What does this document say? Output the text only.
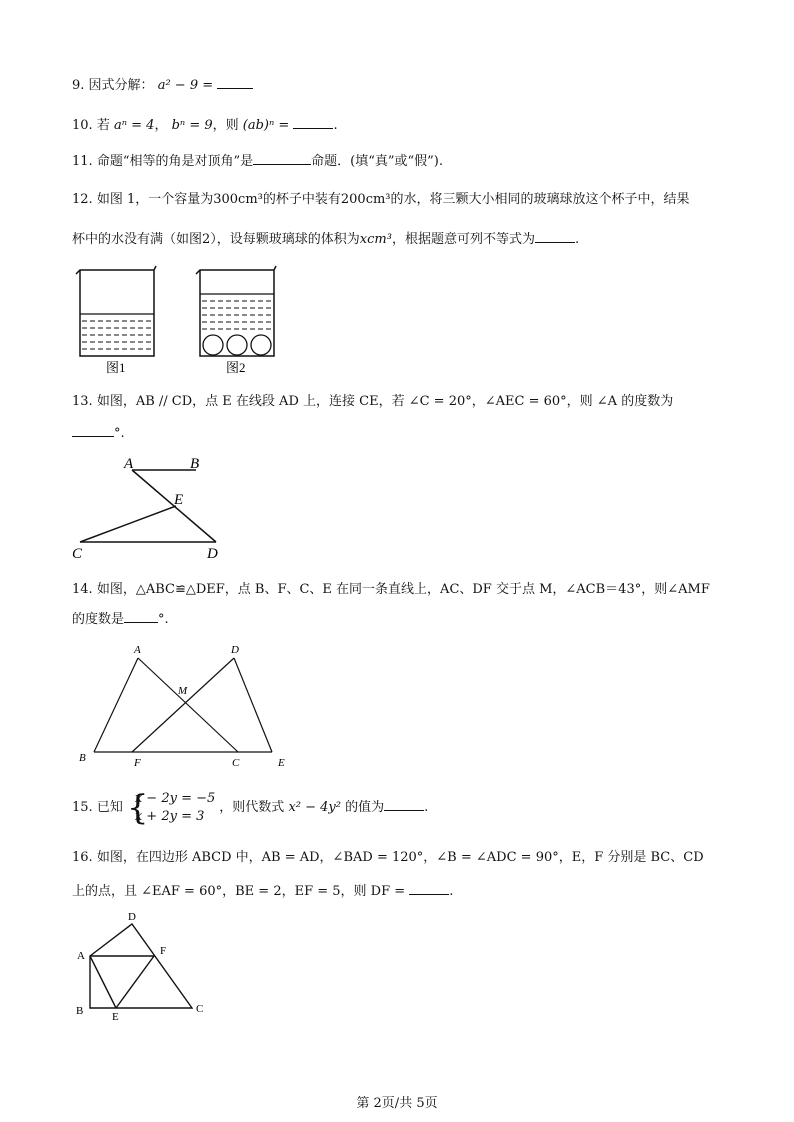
9. 因式分解： a² − 9 =
10. 若 aⁿ = 4， bⁿ = 9，则 (ab)ⁿ =	.
11. 命题“相等的角是对顶角”是	命题．(填“真”或“假”).
12. 如图 1，一个容量为300cm³的杯子中装有200cm³的水，将三颗大小相同的玻璃球放这个杯子中，结果
杯中的水没有满（如图2），设每颗玻璃球的体积为xcm³，根据题意可列不等式为	.
图1	图2
13. 如图，AB // CD，点 E 在线段 AD 上，连接 CE，若 ∠C = 20°，∠AEC = 60°，则 ∠A 的度数为
°.
A	B
E
C	D
14. 如图，△ABC≌△DEF，点 B、F、C、E 在同一条直线上，AC、DF 交于点 M，∠ACB＝43°，则∠AMF
的度数是	°.
A	D
M
B	F	C	E
15. 已知 {
x − 2y = −5
x + 2y = 3
，则代数式 x² − 4y² 的值为	.
16. 如图，在四边形 ABCD 中，AB = AD，∠BAD = 120°，∠B = ∠ADC = 90°，E，F 分别是 BC、CD
上的点，且 ∠EAF = 60°，BE = 2，EF = 5，则 DF =	.
D
A	F
B	E
C
第 2页/共 5页
